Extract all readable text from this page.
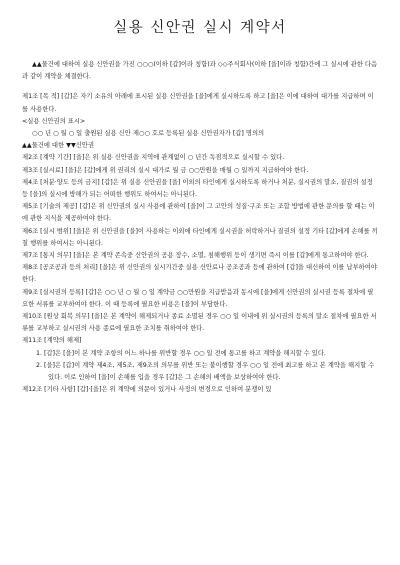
실용 신안권 실시 계약서

▲▲물건에 대하여 실용 신안권을 가진 ○○○(이하 [갑]이라 칭함)과 ◇◇주식회사(이하 [을]이라 칭함)간에 그 실시에 관한 다음과 같이 계약을 체결한다.

제1조 [목 적] [갑]은 자기 소유의 아래에 표시된 실용 신안권을 [을]에게 실시하도록 하고 [을]은 이에 대하여 대가를 지급하며 이를 사용한다.

<실용 신안권의 표시>

○○ 년 ○ 월 ○ 일 출원된 실용 신안 제○○ 호로 등록된 실용 신안권자가 [갑] 명의의

▲▲물건에 대한 ▼▼신안권

제2조 [계약 기간] [을]은 위 실용 신안권을 지역에 관계없이 ○ 년간 독점적으로 실시할 수 있다.

제3조 [실시료] [을]은 [갑]에게 위 권리의 실시 대가로 월 금 ○○만원을 매월 ○ 일까지 지급하여야 한다.

제4조 [처분·양도 등의 금지] [갑]은 위 실용 신안권을 [을] 이외의 타인에게 실시하도록 하거나 처분, 실시권의 말소, 질권의 설정 등 [을]의 실시에 방해가 되는 어떠한 행위도 하여서는 아니된다.

제5조 [기술의 제공] [갑]은 위 신안권의 실시 사용에 관하여 [을]이 그 고안의 성질·구조 또는 조합 방법에 관한 문의를 할 때는 이에 관한 지식을 제공하여야 한다.

제6조 [실시 범위] [을]은 위 신안권을 [을]이 사용하는 이외에 타인에게 실시권을 허락하거나 질권의 설정 기타 [갑]에게 손해를 끼칠 행위를 하여서는 아니된다.

제7조 [통지 의무] [을]은 본 계약 존속중 신안권의 공용 장수, 소멸, 침해행위 등이 생기면 즉시 이를 [갑]에게 통고하여야 한다.

제8조 [공조공과 등의 처리] [을]은 위 신안권의 실시기간중 실용 신안료나 공조공과 등에 관하여 [갑]을 대신하여 이를 납부하여야 한다.

제9조 [실시권의 등록] [갑]은 ○○ 년 ○ 월 ○ 일 계약금 ○○만원을 지급받음과 동시에 [을]에게 신안권의 실시권 등록 절차에 필요한 서류를 교부하여야 한다. 이 때 등록에 필요한 비용은 [을]이 부담한다.

제10조 [원상 회복 의무] [을]은 본 계약이 해제되거나 종료 소멸된 경우 ○○ 일 이내에 위 실시권의 등록의 말소 절차에 필요한 서류를 교부하고 실시권의 사용 종료에 필요한 조치를 취하여야 한다.

제11조 [계약의 해제]

1. [갑]은 [을]이 본 계약 조항의 어느 하나를 위반할 경우 ○○ 일 전에 통고를 하고 계약을 해지할 수 있다.
2. [을]은 [갑]이 계약 제4조, 제5조, 제9조의 의무를 위반 또는 불이행할 경우 ○○ 일 전에 최고를 하고 본 계약을 해지할 수 있다. 이로 인하여 [을]이 손해를 입을 경우 [갑]은 그 손해의 배액을 보상하여야 한다.

제12조 [기타 사항] [갑]·[을]은 위 계약에 의문이 있거나 사정의 변경으로 인하여 분쟁이 있
